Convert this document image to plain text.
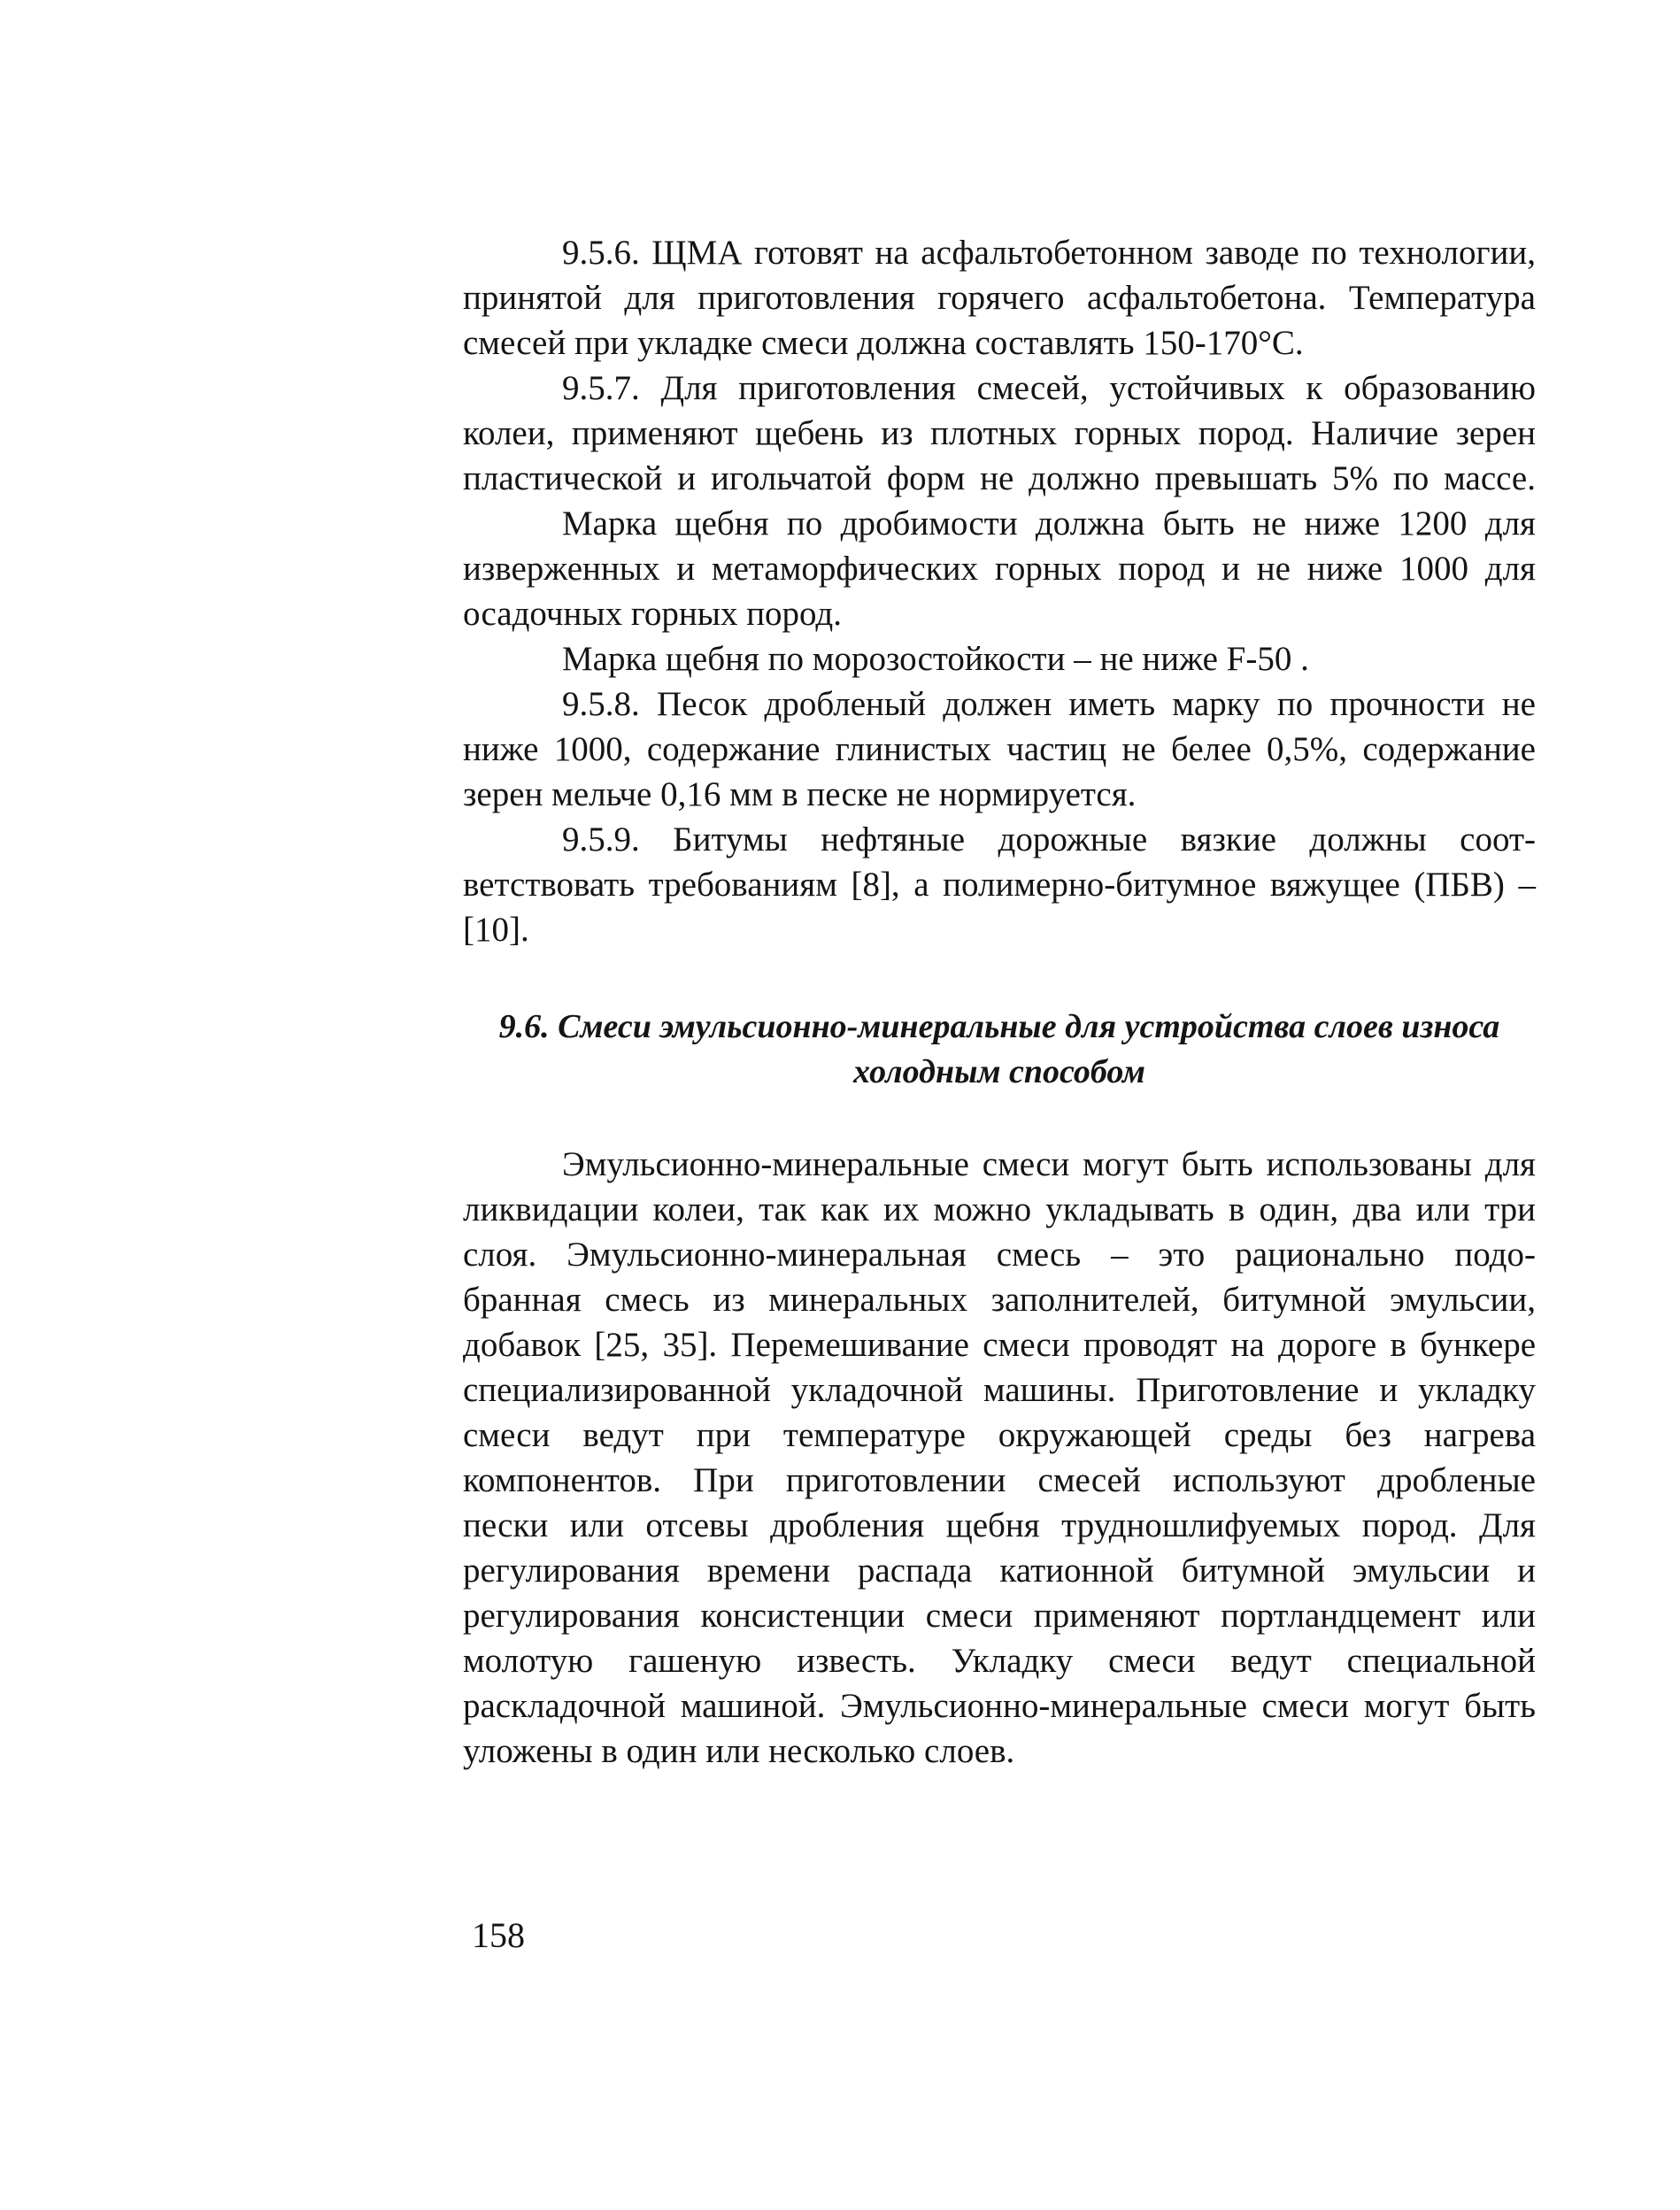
9.5.6. ЩМА готовят на асфальтобетонном заводе по технологии,
принятой для приготовления горячего асфальтобетона. Температура
смесей при укладке смеси должна составлять 150-170°С.
9.5.7. Для приготовления смесей, устойчивых к образованию
колеи, применяют щебень из плотных горных пород. Наличие зерен
пластической и игольчатой форм не должно превышать 5% по массе.
Марка щебня по дробимости должна быть не ниже 1200 для
изверженных и метаморфических горных пород и не ниже 1000 для
осадочных горных пород.
Марка щебня по морозостойкости – не ниже F-50 .
9.5.8. Песок дробленый должен иметь марку по прочности не
ниже 1000, содержание глинистых частиц не белее 0,5%, содержание
зерен мельче 0,16 мм в песке не нормируется.
9.5.9. Битумы нефтяные дорожные вязкие должны соот-
ветствовать требованиям [8], а полимерно-битумное вяжущее (ПБВ) –
[10].
9.6. Смеси эмульсионно-минеральные для устройства слоев износа
холодным способом
Эмульсионно-минеральные смеси могут быть использованы для
ликвидации колеи, так как их можно укладывать в один, два или три
слоя. Эмульсионно-минеральная смесь – это рационально подо-
бранная смесь из минеральных заполнителей, битумной эмульсии,
добавок [25, 35]. Перемешивание смеси проводят на дороге в бункере
специализированной укладочной машины. Приготовление и укладку
смеси ведут при температуре окружающей среды без нагрева
компонентов. При приготовлении смесей используют дробленые
пески или отсевы дробления щебня трудношлифуемых пород. Для
регулирования времени распада катионной битумной эмульсии и
регулирования консистенции смеси применяют портландцемент или
молотую гашеную известь. Укладку смеси ведут специальной
раскладочной машиной. Эмульсионно-минеральные смеси могут быть
уложены в один или несколько слоев.
158
